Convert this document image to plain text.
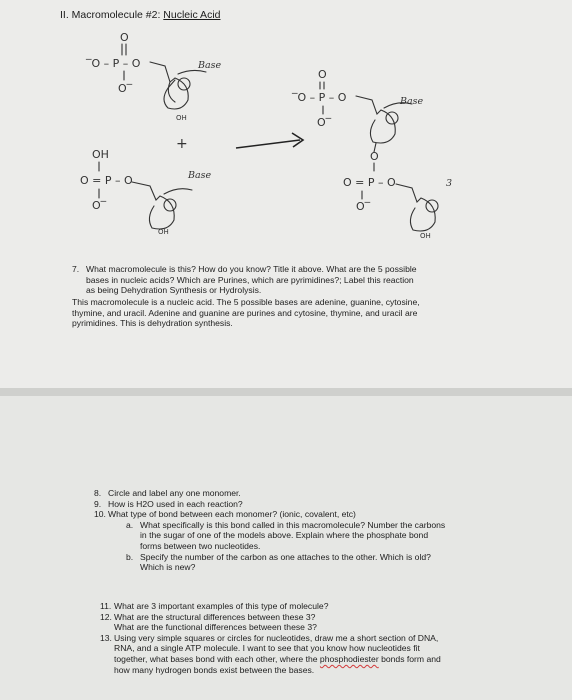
II. Macromolecule #2: Nucleic Acid
O
‾O – P – O
O‾
Base
OH
+
OH
O = P – O
O‾
Base
OH
O
‾O – P – O
O‾
O
O = P – O
O‾
Base
3
OH
7. What macromolecule is this? How do you know? Title it above. What are the 5 possible
bases in nucleic acids? Which are Purines, which are pyrimidines?; Label this reaction
as being Dehydration Synthesis or Hydrolysis.
This macromolecule is a nucleic acid. The 5 possible bases are adenine, guanine, cytosine,
thymine, and uracil. Adenine and guanine are purines and cytosine, thymine, and uracil are
pyrimidines. This is dehydration synthesis.
8. Circle and label any one monomer.
9. How is H2O used in each reaction?
10. What type of bond between each monomer? (ionic, covalent, etc)
a. What specifically is this bond called in this macromolecule? Number the carbons
in the sugar of one of the models above. Explain where the phosphate bond
forms between two nucleotides.
b. Specify the number of the carbon as one attaches to the other. Which is old?
Which is new?
11. What are 3 important examples of this type of molecule?
12. What are the structural differences between these 3?
What are the functional differences between these 3?
13. Using very simple squares or circles for nucleotides, draw me a short section of DNA,
RNA, and a single ATP molecule. I want to see that you know how nucleotides fit
together, what bases bond with each other, where the phosphodiester bonds form and
how many hydrogen bonds exist between the bases.
